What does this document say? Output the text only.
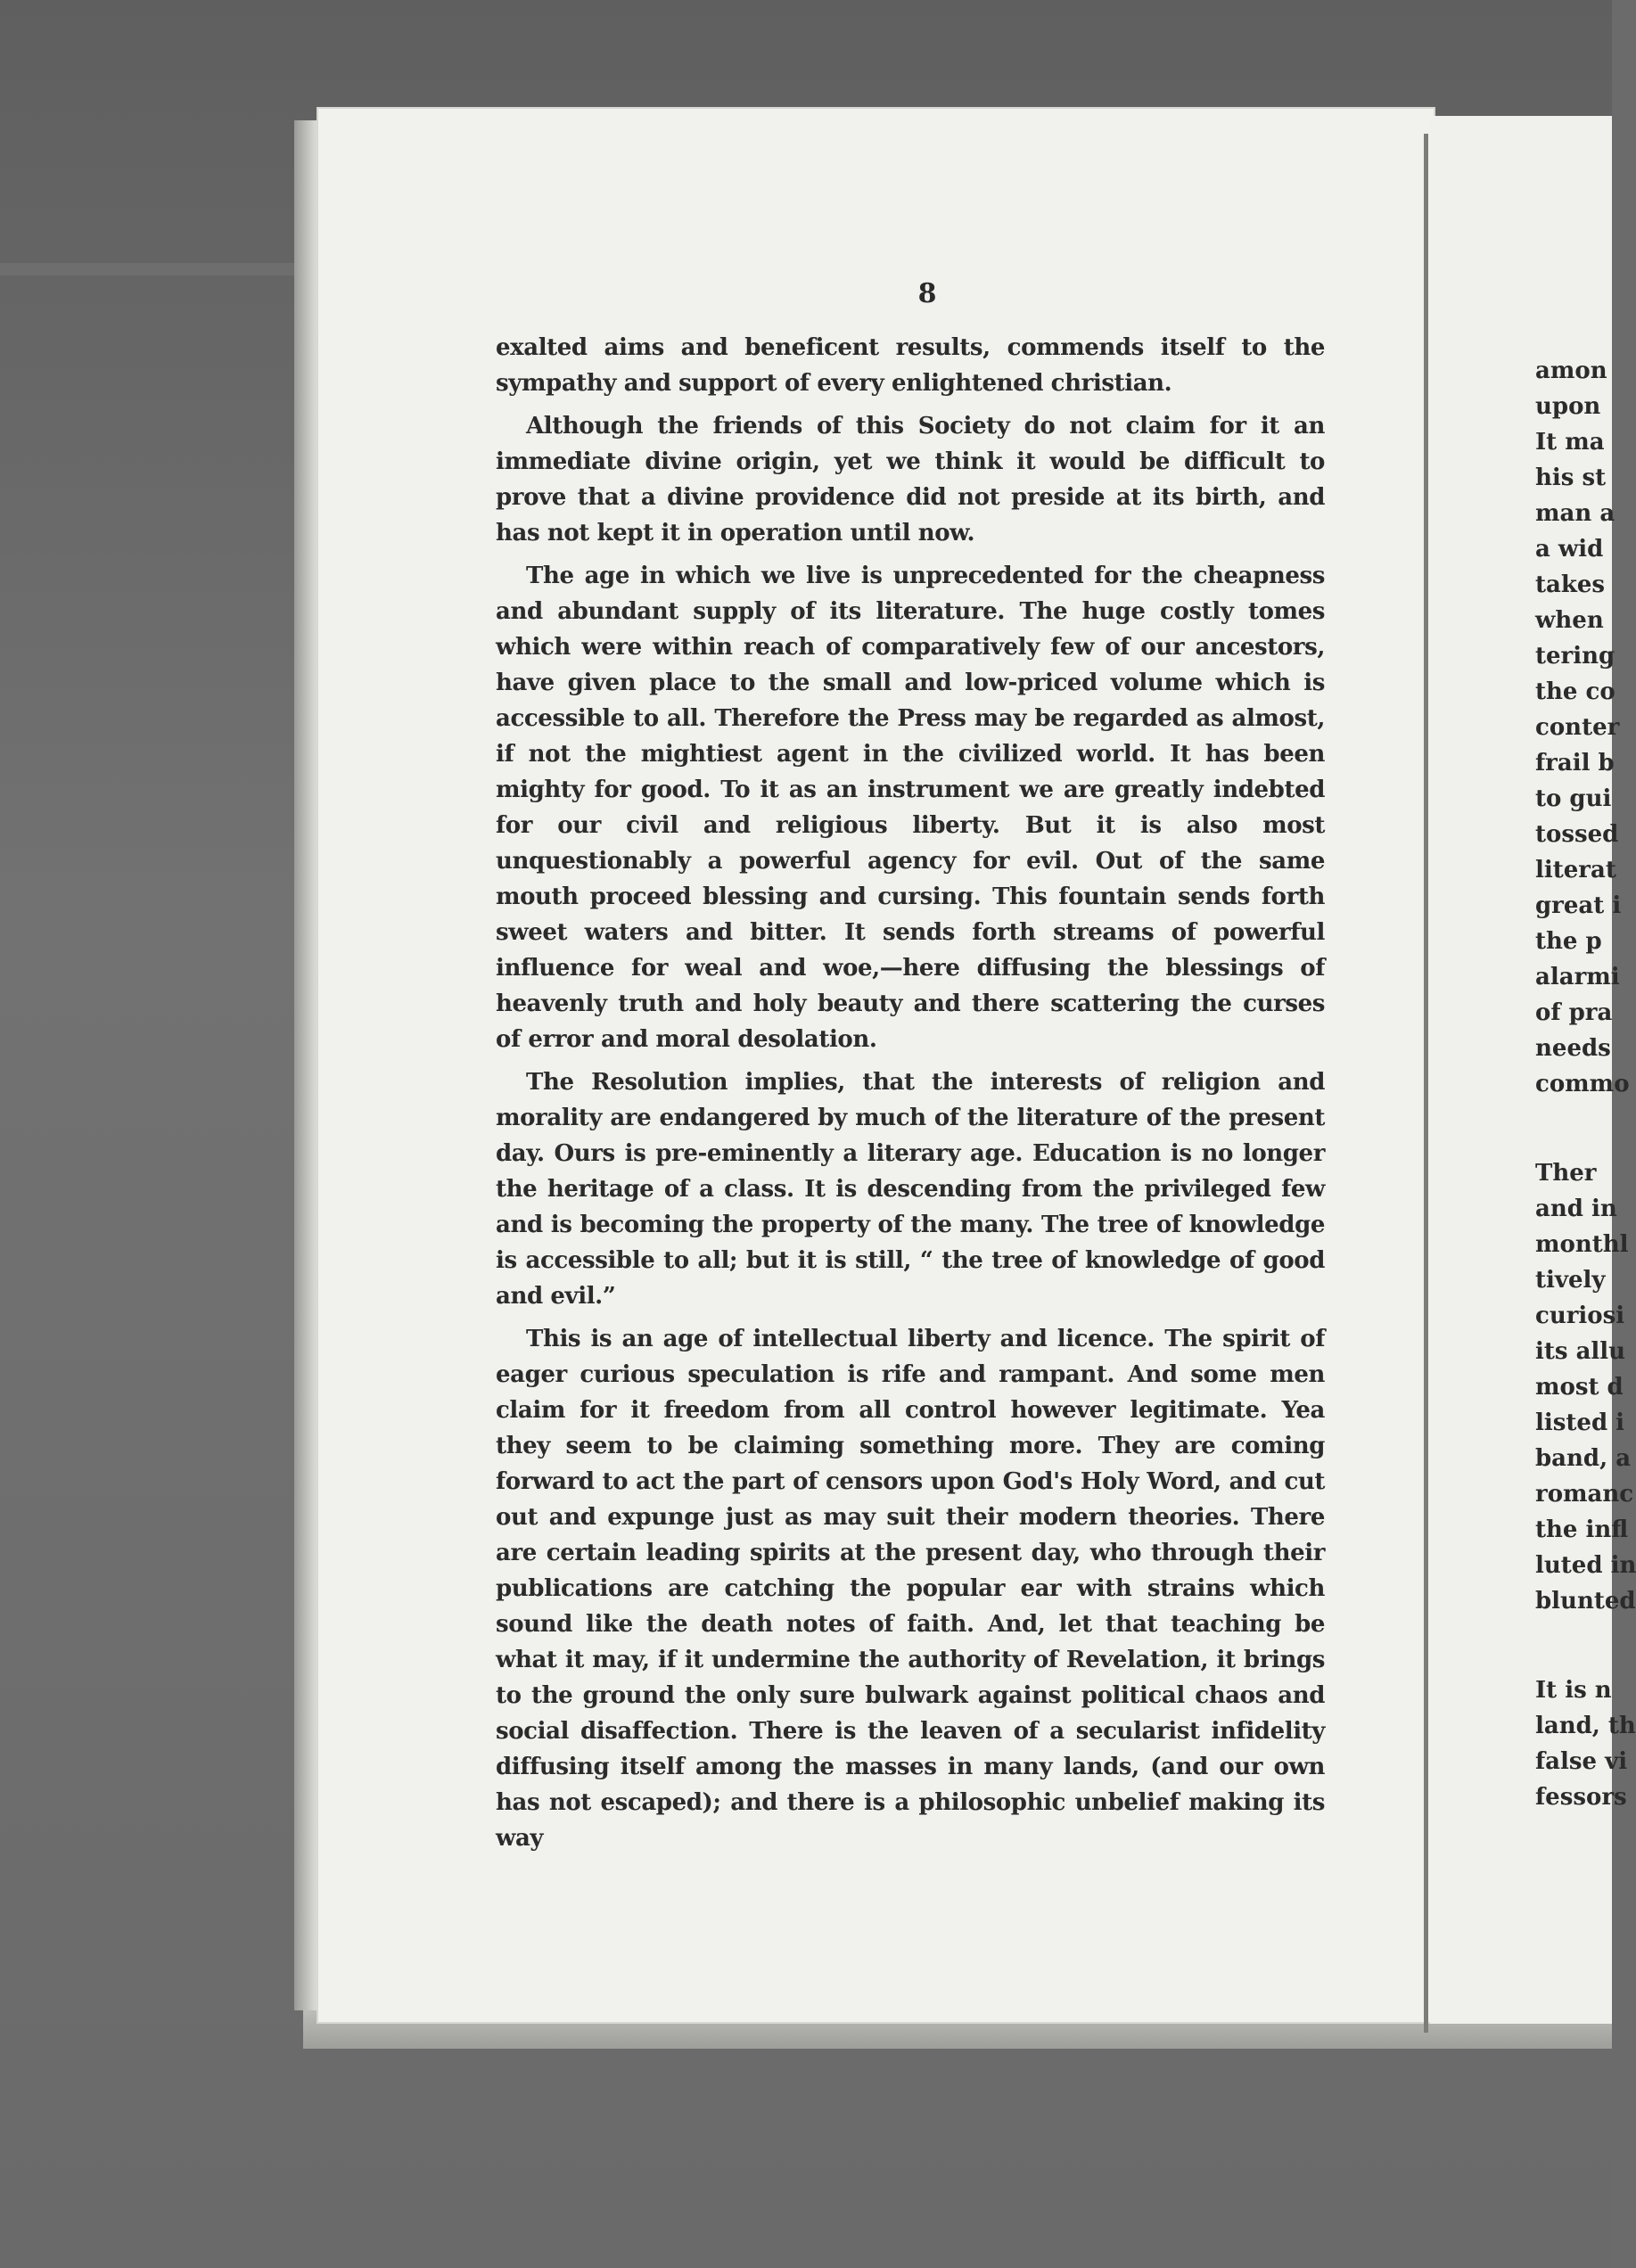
8

exalted aims and beneficent results, commends itself to the sympathy and support of every enlightened christian.

Although the friends of this Society do not claim for it an immediate divine origin, yet we think it would be difficult to prove that a divine providence did not preside at its birth, and has not kept it in operation until now.

The age in which we live is unprecedented for the cheapness and abundant supply of its literature. The huge costly tomes which were within reach of comparatively few of our ancestors, have given place to the small and low-priced volume which is accessible to all. Therefore the Press may be regarded as almost, if not the mightiest agent in the civilized world. It has been mighty for good. To it as an instrument we are greatly indebted for our civil and religious liberty. But it is also most unquestionably a powerful agency for evil. Out of the same mouth proceed blessing and cursing. This fountain sends forth sweet waters and bitter. It sends forth streams of powerful influence for weal and woe,—here diffusing the blessings of heavenly truth and holy beauty and there scattering the curses of error and moral desolation.

The Resolution implies, that the interests of religion and morality are endangered by much of the literature of the present day. Ours is pre-eminently a literary age. Education is no longer the heritage of a class. It is descending from the privileged few and is becoming the property of the many. The tree of knowledge is accessible to all; but it is still, “ the tree of knowledge of good and evil.”

This is an age of intellectual liberty and licence. The spirit of eager curious speculation is rife and rampant. And some men claim for it freedom from all control however legitimate. Yea they seem to be claiming something more. They are coming forward to act the part of censors upon God's Holy Word, and cut out and expunge just as may suit their modern theories. There are certain leading spirits at the present day, who through their publications are catching the popular ear with strains which sound like the death notes of faith. And, let that teaching be what it may, if it undermine the authority of Revelation, it brings to the ground the only sure bulwark against political chaos and social disaffection. There is the leaven of a secularist infidelity diffusing itself among the masses in many lands, (and our own has not escaped); and there is a philosophic unbelief making its way

amon
upon
It ma
his st
man a
a wid
takes
when
tering
the co
conter
frail b
to gui
tossed
literat
great i
the p
alarmi
of pra
needs
commo
Ther
and in
monthl
tively
curiosi
its allu
most d
listed i
band, a
romanc
the infl
luted in
blunted
It is n
land, th
false vi
fessors
